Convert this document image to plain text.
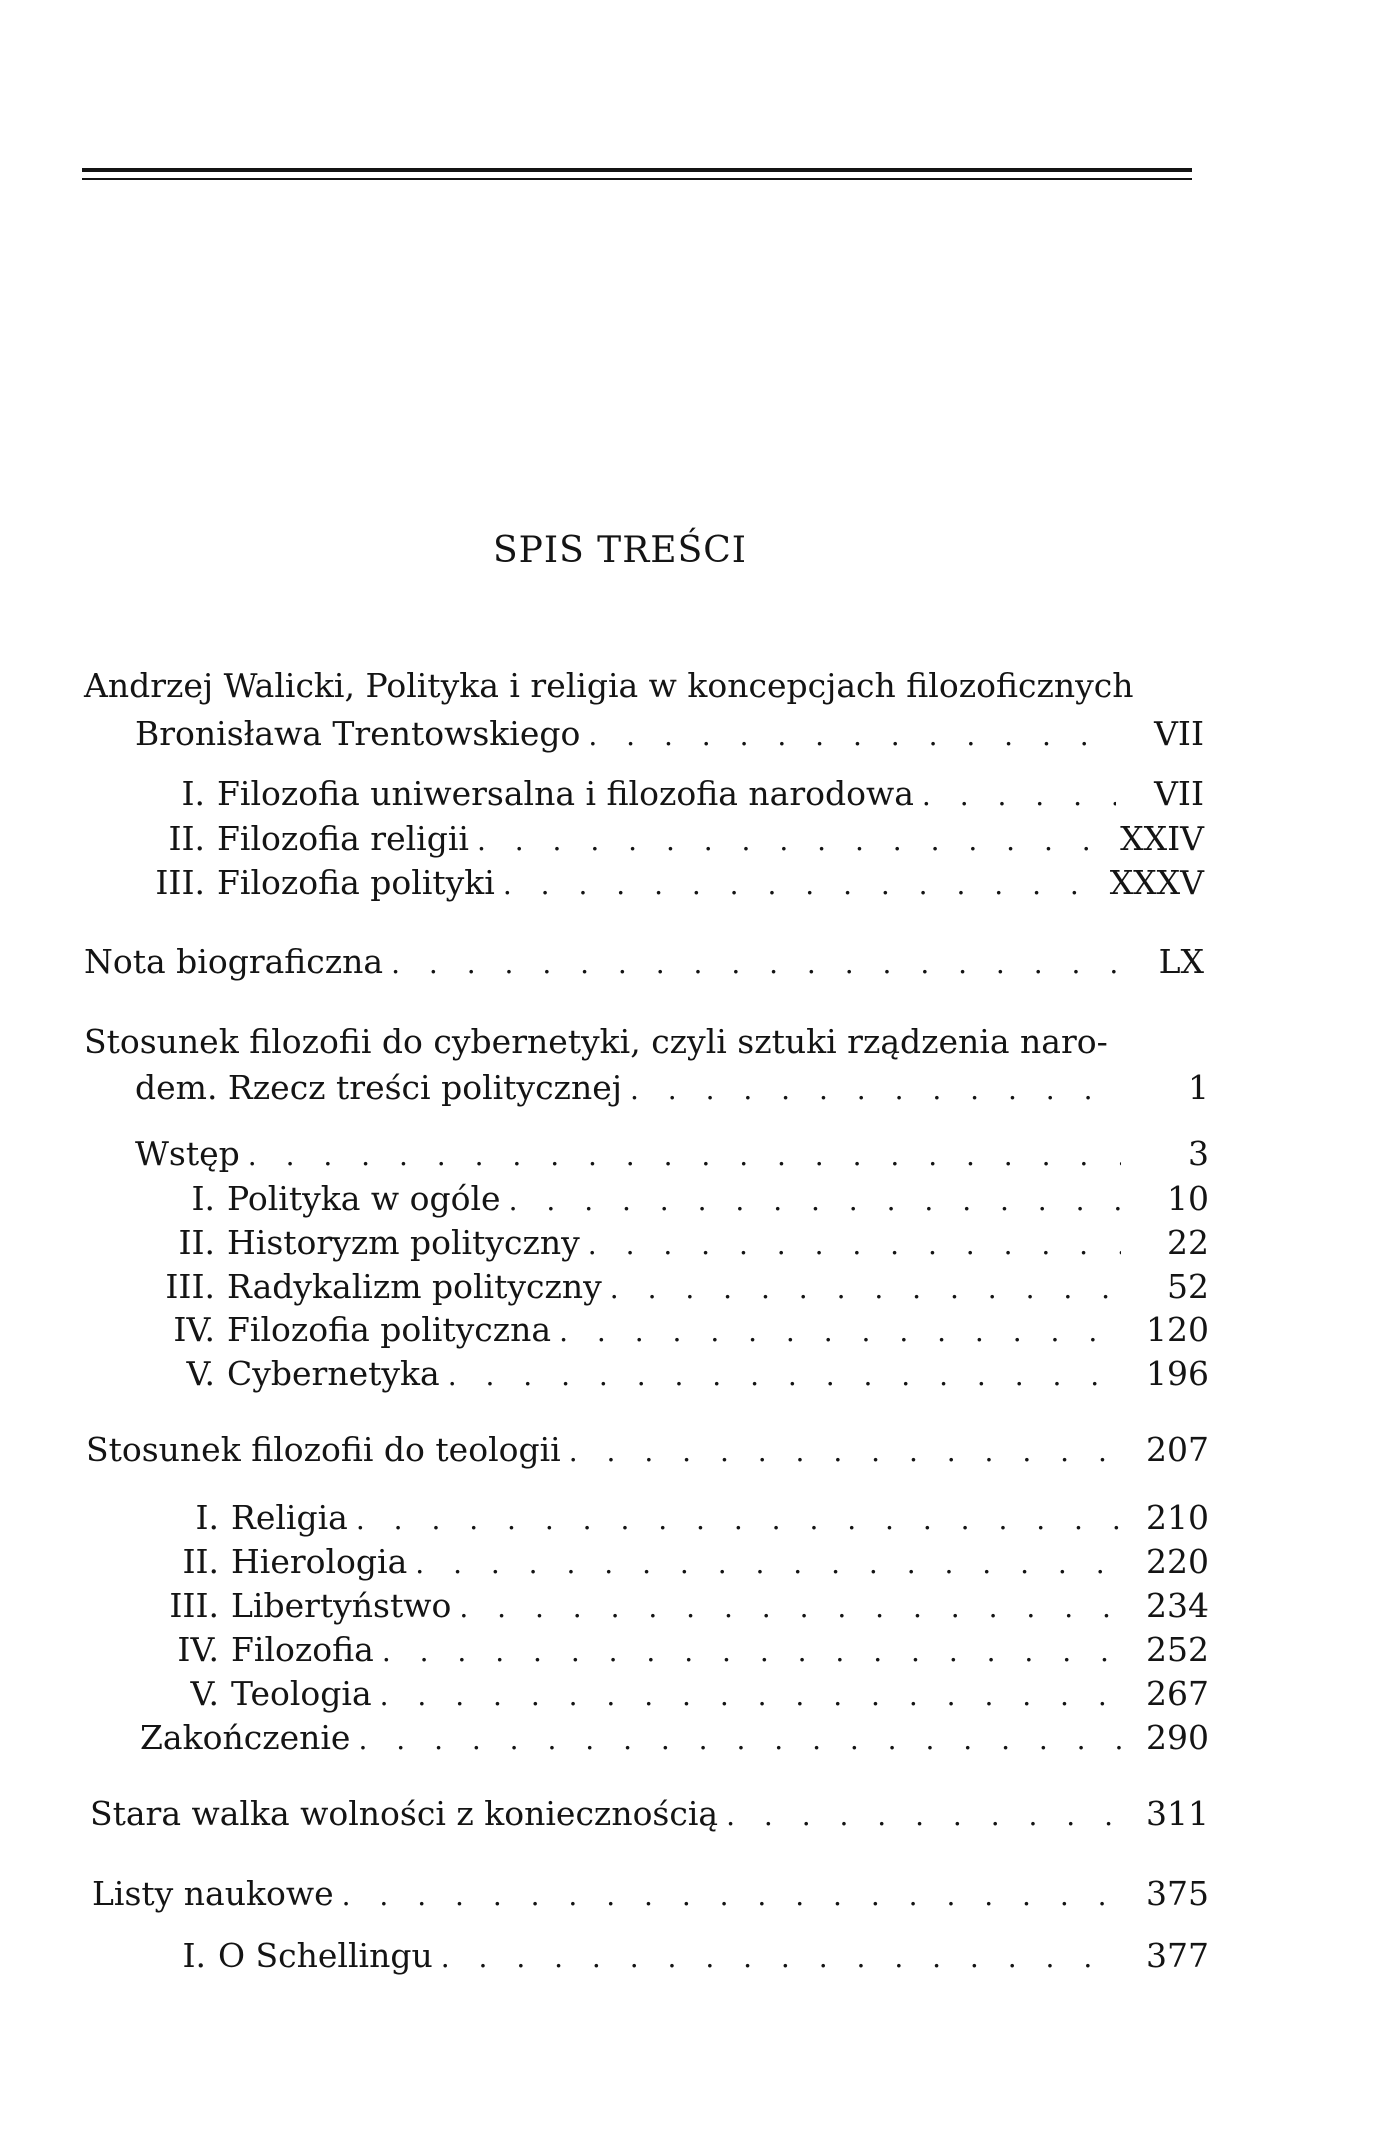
SPIS TREŚCI
Andrzej Walicki, Polityka i religia w koncepcjach filozoficznych
Bronisława Trentowskiego . . .	VII
I. Filozofia uniwersalna i filozofia narodowa . . .	VII
II. Filozofia religii . . .	XXIV
III. Filozofia polityki . . .	XXXV
Nota biograficzna . . .	LX
Stosunek filozofii do cybernetyki, czyli sztuki rządzenia naro-
dem. Rzecz treści politycznej . . .	1
Wstęp . . .	3
I. Polityka w ogóle . . .	10
II. Historyzm polityczny . . .	22
III. Radykalizm polityczny . . .	52
IV. Filozofia polityczna . . .	120
V. Cybernetyka . . .	196
Stosunek filozofii do teologii . . .	207
I. Religia . . .	210
II. Hierologia . . .	220
III. Libertyństwo . . .	234
IV. Filozofia . . .	252
V. Teologia . . .	267
Zakończenie . . .	290
Stara walka wolności z koniecznością . . .	311
Listy naukowe . . .	375
I. O Schellingu . . .	377
